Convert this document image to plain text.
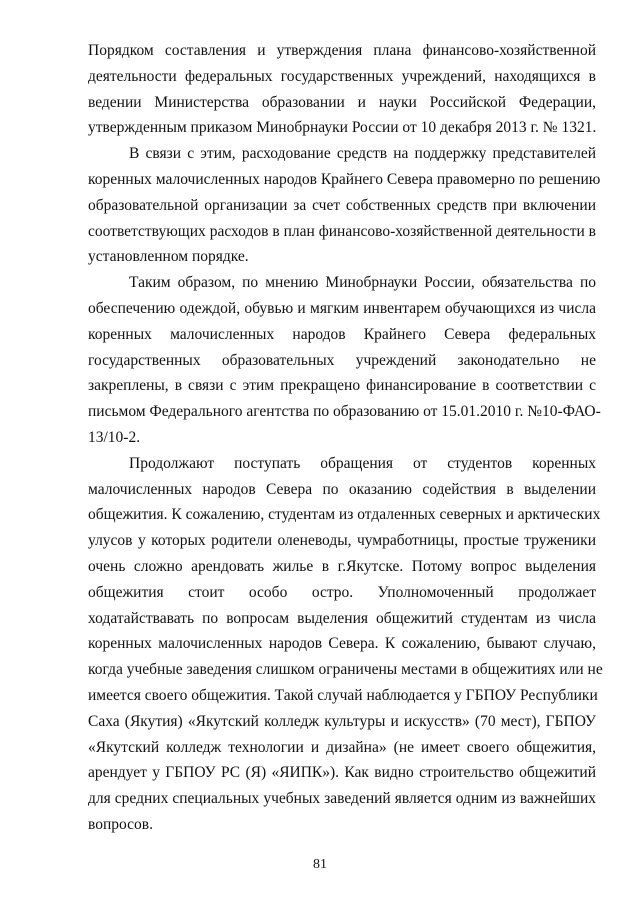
Порядком составления и утверждения плана финансово-хозяйственной
деятельности федеральных государственных учреждений, находящихся в
ведении Министерства образовании и науки Российской Федерации,
утвержденным приказом Минобрнауки России от 10 декабря 2013 г. № 1321.
В связи с этим, расходование средств на поддержку представителей
коренных малочисленных народов Крайнего Севера правомерно по решению
образовательной организации за счет собственных средств при включении
соответствующих расходов в план финансово-хозяйственной деятельности в
установленном порядке.
Таким образом, по мнению Минобрнауки России, обязательства по
обеспечению одеждой, обувью и мягким инвентарем обучающихся из числа
коренных малочисленных народов Крайнего Севера федеральных
государственных образовательных учреждений законодательно не
закреплены, в связи с этим прекращено финансирование в соответствии с
письмом Федерального агентства по образованию от 15.01.2010 г. №10-ФАО-
13/10-2.
Продолжают поступать обращения от студентов коренных
малочисленных народов Севера по оказанию содействия в выделении
общежития. К сожалению, студентам из отдаленных северных и арктических
улусов у которых родители оленеводы, чумработницы, простые труженики
очень сложно арендовать жилье в г.Якутске. Потому вопрос выделения
общежития стоит особо остро. Уполномоченный продолжает
ходатайствавать по вопросам выделения общежитий студентам из числа
коренных малочисленных народов Севера. К сожалению, бывают случаю,
когда учебные заведения слишком ограничены местами в общежитиях или не
имеется своего общежития. Такой случай наблюдается у ГБПОУ Республики
Саха (Якутия) «Якутский колледж культуры и искусств» (70 мест), ГБПОУ
«Якутский колледж технологии и дизайна» (не имеет своего общежития,
арендует у ГБПОУ РС (Я) «ЯИПК»). Как видно строительство общежитий
для средних специальных учебных заведений является одним из важнейших
вопросов.
81
